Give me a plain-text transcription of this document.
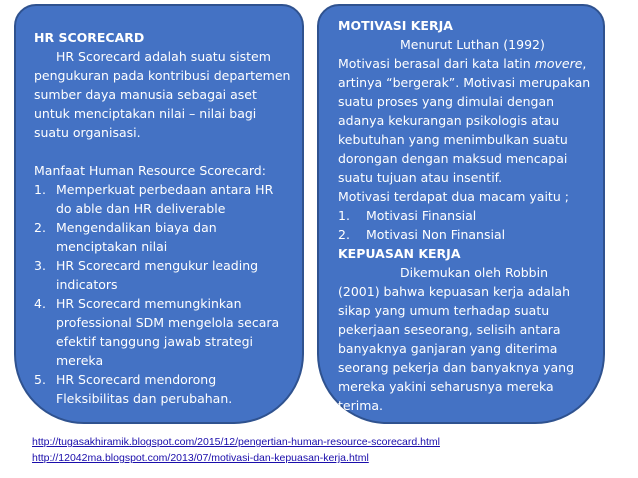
HR SCORECARD

HR Scorecard adalah suatu sistem pengukuran pada kontribusi departemen sumber daya manusia sebagai aset untuk menciptakan nilai – nilai bagi suatu organisasi.

Manfaat Human Resource Scorecard:

1. Memperkuat perbedaan antara HR do able dan HR deliverable
2. Mengendalikan biaya dan menciptakan nilai
3. HR Scorecard mengukur leading indicators
4. HR Scorecard memungkinkan professional SDM mengelola secara efektif tanggung jawab strategi mereka
5. HR Scorecard mendorong Fleksibilitas dan perubahan.

MOTIVASI KERJA

Menurut Luthan (1992)

Motivasi berasal dari kata latin movere, artinya “bergerak”. Motivasi merupakan suatu proses yang dimulai dengan adanya kekurangan psikologis atau kebutuhan yang menimbulkan suatu dorongan dengan maksud mencapai suatu tujuan atau insentif.

Motivasi terdapat dua macam yaitu ;

1. Motivasi Finansial
2. Motivasi Non Finansial

KEPUASAN KERJA

Dikemukan oleh Robbin

(2001) bahwa kepuasan kerja adalah sikap yang umum terhadap suatu pekerjaan seseorang, selisih antara banyaknya ganjaran yang diterima seorang pekerja dan banyaknya yang mereka yakini seharusnya mereka terima.

http://tugasakhiramik.blogspot.com/2015/12/pengertian-human-resource-scorecard.html
http://12042ma.blogspot.com/2013/07/motivasi-dan-kepuasan-kerja.html
